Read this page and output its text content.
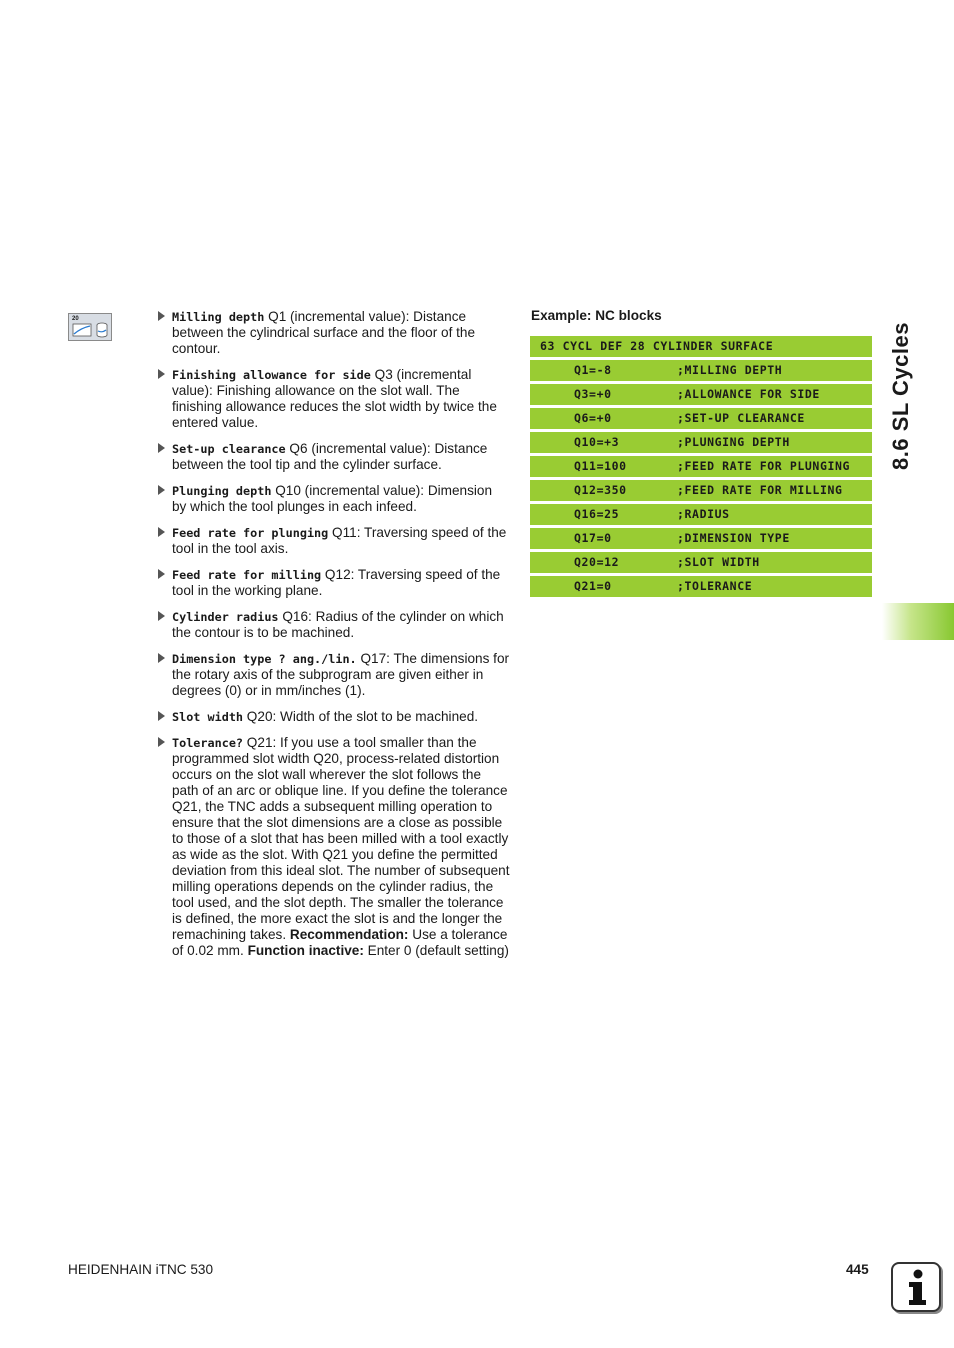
20	Milling depth Q1 (incremental value): Distance between the cylindrical surface and the floor of the contour.
Finishing allowance for side Q3 (incremental value): Finishing allowance on the slot wall. The finishing allowance reduces the slot width by twice the entered value.
Set-up clearance Q6 (incremental value): Distance between the tool tip and the cylinder surface.
Plunging depth Q10 (incremental value): Dimension by which the tool plunges in each infeed.
Feed rate for plunging Q11: Traversing speed of the tool in the tool axis.
Feed rate for milling Q12: Traversing speed of the tool in the working plane.
Cylinder radius Q16: Radius of the cylinder on which the contour is to be machined.
Dimension type ? ang./lin. Q17: The dimensions for the rotary axis of the subprogram are given either in degrees (0) or in mm/inches (1).
Slot width Q20: Width of the slot to be machined.
Tolerance? Q21: If you use a tool smaller than the programmed slot width Q20, process-related distortion occurs on the slot wall wherever the slot follows the path of an arc or oblique line. If you define the tolerance Q21, the TNC adds a subsequent milling operation to ensure that the slot dimensions are a close as possible to those of a slot that has been milled with a tool exactly as wide as the slot. With Q21 you define the permitted deviation from this ideal slot. The number of subsequent milling operations depends on the cylinder radius, the tool used, and the slot depth. The smaller the tolerance is defined, the more exact the slot is and the longer the remachining takes. Recommendation: Use a tolerance of 0.02 mm. Function inactive: Enter 0 (default setting)
Example: NC blocks
63 CYCL DEF 28 CYLINDER SURFACE
Q1=-8	;MILLING DEPTH
Q3=+0	;ALLOWANCE FOR SIDE
Q6=+0	;SET-UP CLEARANCE
Q10=+3	;PLUNGING DEPTH
Q11=100	;FEED RATE FOR PLUNGING
Q12=350	;FEED RATE FOR MILLING
Q16=25	;RADIUS
Q17=0	;DIMENSION TYPE
Q20=12	;SLOT WIDTH
Q21=0	;TOLERANCE
8.6 SL Cycles
HEIDENHAIN iTNC 530	445
